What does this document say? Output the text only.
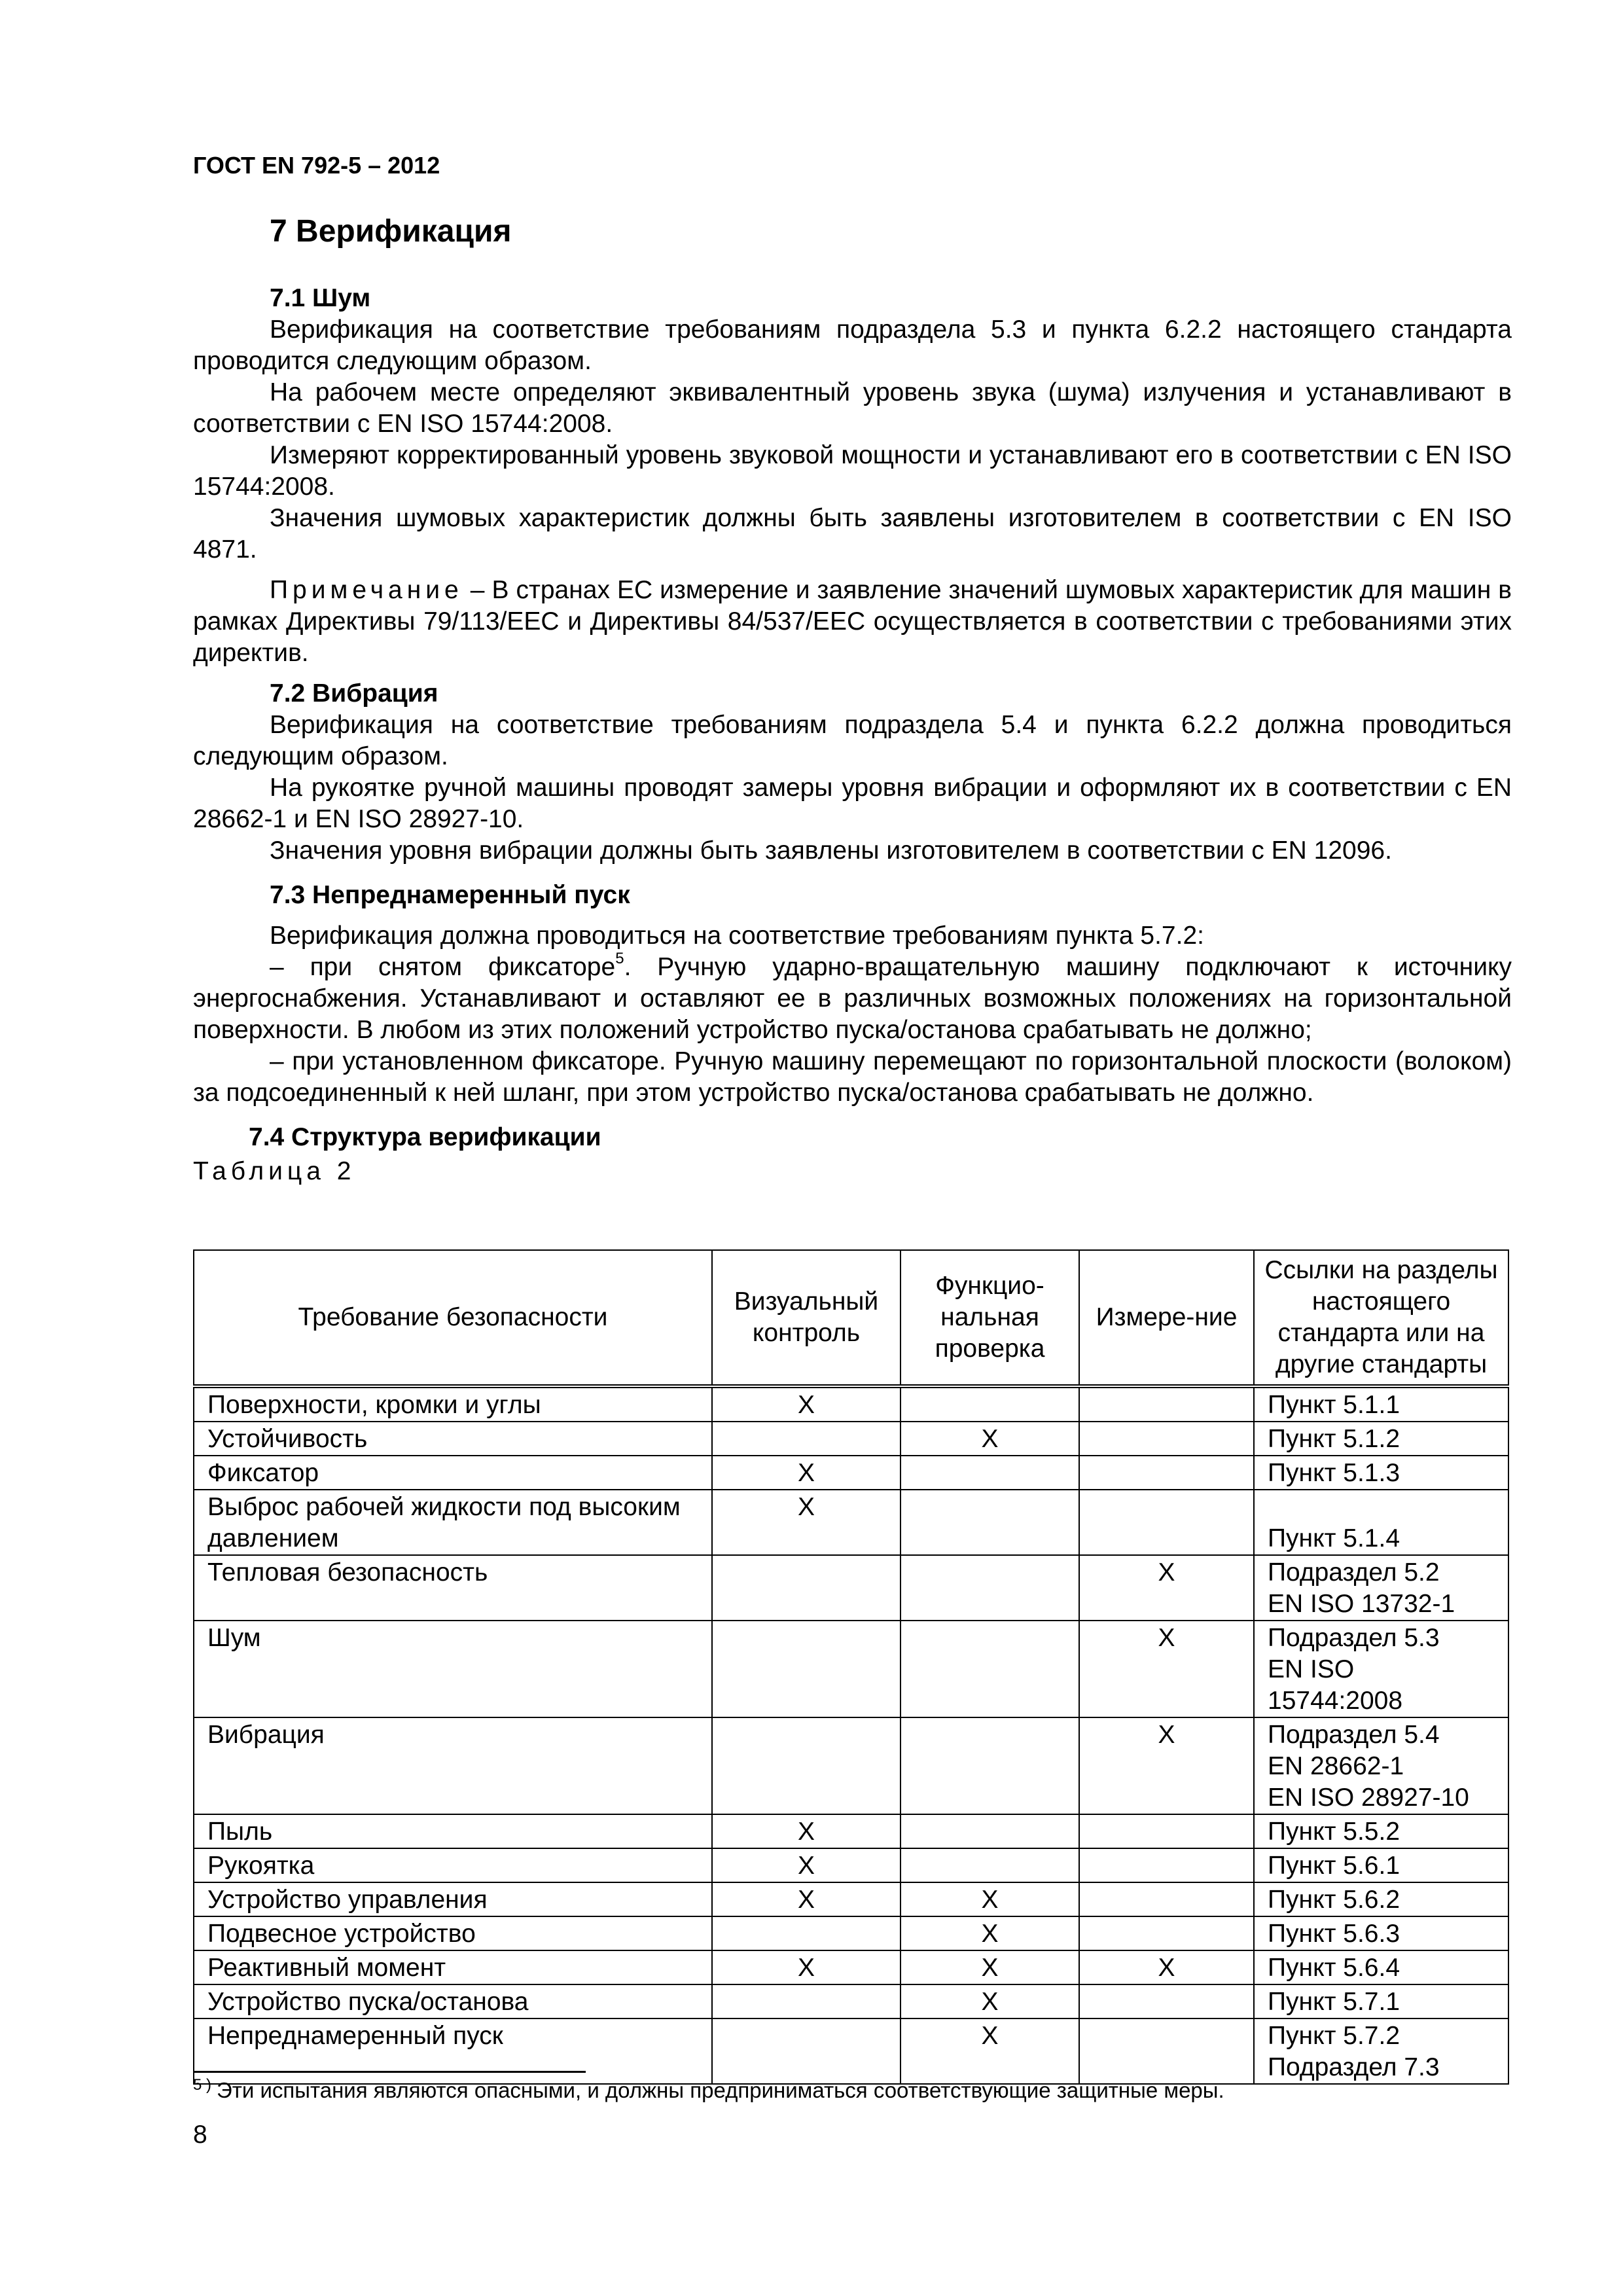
ГОСТ EN 792-5 – 2012
7 Верификация
7.1 Шум

Верификация на соответствие требованиям подраздела 5.3 и пункта 6.2.2 настоящего стандарта проводится следующим образом.

На рабочем месте определяют эквивалентный уровень звука (шума) излучения и устанавливают в соответствии с EN ISO 15744:2008.

Измеряют корректированный уровень звуковой мощности и устанавливают его в соответствии с EN ISO 15744:2008.

Значения шумовых характеристик должны быть заявлены изготовителем в соответствии с EN ISO 4871.

Примечание – В странах ЕС измерение и заявление значений шумовых характеристик для машин в рамках Директивы 79/113/EEC и Директивы 84/537/EEC осуществляется в соответствии с требованиями этих директив.

7.2 Вибрация

Верификация на соответствие требованиям подраздела 5.4 и пункта 6.2.2 должна проводиться следующим образом.

На рукоятке ручной машины проводят замеры уровня вибрации и оформляют их в соответствии с EN 28662-1 и EN ISO 28927-10.

Значения уровня вибрации должны быть заявлены изготовителем в соответствии с EN 12096.

7.3 Непреднамеренный пуск

Верификация должна проводиться на соответствие требованиям пункта 5.7.2:

– при снятом фиксаторе$^5$. Ручную ударно-вращательную машину подключают к источнику энергоснабжения. Устанавливают и оставляют ее в различных возможных положениях на горизонтальной поверхности. В любом из этих положений устройство пуска/останова срабатывать не должно;

– при установленном фиксаторе. Ручную машину перемещают по горизонтальной плоскости (волоком) за подсоединенный к ней шланг, при этом устройство пуска/останова срабатывать не должно.

7.4 Структура верификации
Таблица 2
Требование безопасности	Визуальный контроль	Функцио-нальная проверка	Измере-ние	Ссылки на разделы настоящего стандарта или на другие стандарты
Поверхности, кромки и углы	X			Пункт 5.1.1
Устойчивость		X		Пункт 5.1.2
Фиксатор	X			Пункт 5.1.3
Выброс рабочей жидкости под высоким давлением	X			Пункт 5.1.4
Тепловая безопасность			X	Подраздел 5.2
EN ISO 13732-1
Шум			X	Подраздел 5.3
EN ISO 15744:2008
Вибрация			X	Подраздел 5.4
EN 28662-1
EN ISO 28927-10
Пыль	X			Пункт 5.5.2
Рукоятка	X			Пункт 5.6.1
Устройство управления	X	X		Пункт 5.6.2
Подвесное устройство		X		Пункт 5.6.3
Реактивный момент	X	X	X	Пункт 5.6.4
Устройство пуска/останова		X		Пункт 5.7.1
Непреднамеренный пуск		X		Пункт 5.7.2
Подраздел 7.3
$^{5 )}$ Эти испытания являются опасными, и должны предприниматься соответствующие защитные меры.
8
